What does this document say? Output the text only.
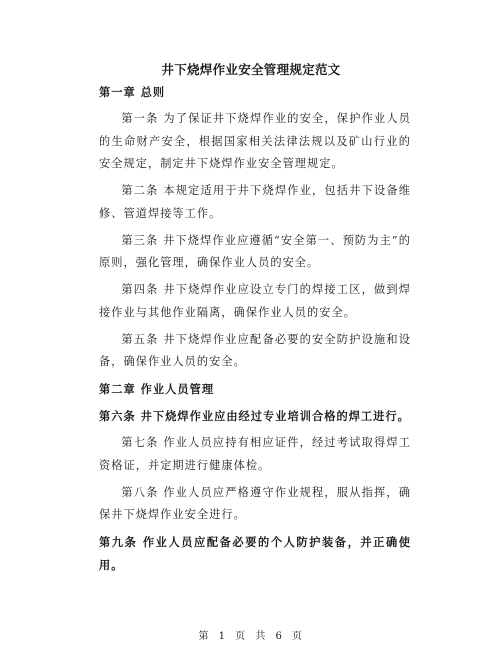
井下烧焊作业安全管理规定范文

第一章 总则

第一条 为了保证井下烧焊作业的安全，保护作业人员的生命财产安全，根据国家相关法律法规以及矿山行业的安全规定，制定井下烧焊作业安全管理规定。

第二条 本规定适用于井下烧焊作业，包括井下设备维修、管道焊接等工作。

第三条 井下烧焊作业应遵循“安全第一、预防为主”的原则，强化管理，确保作业人员的安全。

第四条 井下烧焊作业应设立专门的焊接工区，做到焊接作业与其他作业隔离，确保作业人员的安全。

第五条 井下烧焊作业应配备必要的安全防护设施和设备，确保作业人员的安全。

第二章 作业人员管理

第六条 井下烧焊作业应由经过专业培训合格的焊工进行。

第七条 作业人员应持有相应证件，经过考试取得焊工资格证，并定期进行健康体检。

第八条 作业人员应严格遵守作业规程，服从指挥，确保井下烧焊作业安全进行。

第九条 作业人员应配备必要的个人防护装备，并正确使用。

第 1 页 共 6 页
